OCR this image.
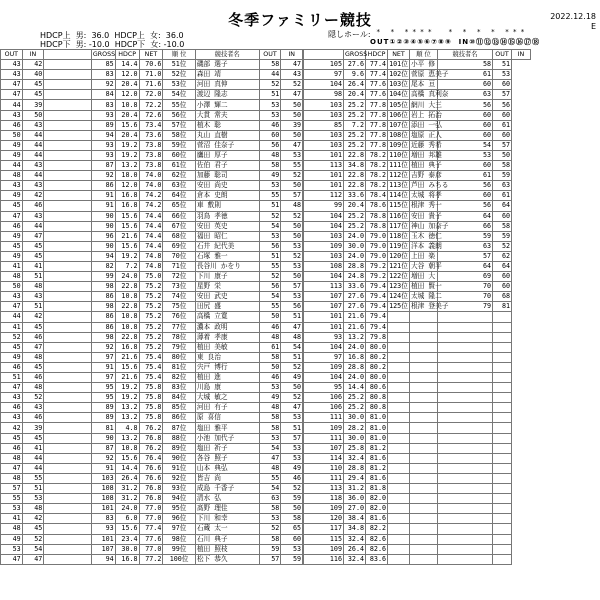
冬季ファミリー競技	2022.12.18
E
HDCP上  男:  36.0  HDCP上  女:  36.0
HDCP下  男: -10.0  HDCP下  女: -10.0
隠しホール: *   *   * * * *     *   *   *   *   * * *
OUT①②③④⑤⑥⑦⑧⑨  IN⑩⑪⑫⑬⑭⑮⑯⑰⑱
OUT	IN		GROSS	HDCP	NET	順 位	競技者名	OUT	IN
43	42		85	14.4	70.6	51位	磯部 選子	58	47
43	40		83	12.0	71.0	52位	森田 靖	44	43
47	45		92	20.4	71.6	53位	河田 真伸	52	52
47	45		84	12.0	72.0	54位	渡辺 隆志	51	47
44	39		83	10.8	72.2	55位	小澤 輝二	53	50
43	50		93	20.4	72.6	56位	大貫 常夫	53	50
46	43		89	15.6	73.4	57位	植木 聡	46	39
50	44		94	20.4	73.6	58位	丸山 直樹	60	50
49	44		93	19.2	73.8	59位	菅沼 佳奈子	56	47
49	44		93	19.2	73.8	60位	鷹田 厚子	48	53
44	43		87	13.2	73.8	61位	佐伯 君子	58	55
48	44		92	18.0	74.0	62位	加藤 聡司	49	52
43	43		86	12.0	74.0	63位	安田 尚史	53	50
49	42		91	16.8	74.2	64位	倉本 史朗	55	57
45	46		91	16.8	74.2	65位	車 敷則	51	48
47	43		90	15.6	74.4	66位	羽鳥 孝徳	52	52
46	44		90	15.6	74.4	67位	安田 英史	54	50
49	47		96	21.6	74.4	68位	福田 昭仁	53	50
45	45		90	15.6	74.4	69位	石井 紀代美	56	53
49	45		94	19.2	74.8	70位	石塚 雅一	51	52
41	41		82	7.2	74.8	71位	長谷川 かをり	55	53
48	51		99	24.0	75.0	72位	下川 康子	52	50
50	48		98	22.8	75.2	73位	星野 栄	56	57
43	43		86	10.8	75.2	74位	安田 武史	54	53
47	51		98	22.8	75.2	75位	田尻 盛	55	56
44	42		86	10.8	75.2	76位	高橋 立寛	50	51
41	45		86	10.8	75.2	77位	濃本 政明	46	47
52	46		98	22.8	75.2	78位	薄着 孝康	48	48
45	47		92	16.8	75.2	79位	植田 美敏	61	54
49	48		97	21.6	75.4	80位	東 良治	58	51
46	45		91	15.6	75.4	81位	宍戸 博行	50	52
51	46		97	21.6	75.4	82位	植田 進	46	49
47	48		95	19.2	75.8	83位	川島 康	53	50
43	52		95	19.2	75.8	84位	大城 敏之	49	52
46	43		89	13.2	75.8	85位	河田 有子	48	47
43	46		89	13.2	75.8	86位	原 喜信	58	53
42	39		81	4.8	76.2	87位	塩田 雅平	58	51
45	45		90	13.2	76.8	88位	小池 加代子	53	57
46	41		87	10.8	76.2	89位	塩田 祈子	54	53
48	44		92	15.6	76.4	90位	各谷 照子	47	53
47	44		91	14.4	76.6	91位	山本 典弘	48	49
48	55		103	26.4	76.6	92位	皆吉 尚	55	46
57	51		108	31.2	76.8	93位	成島 千香子	54	52
55	53		108	31.2	76.8	94位	清水 弘	63	59
53	48		101	24.0	77.0	95位	髙野 理佳	58	50
41	42		83	6.0	77.0	96位	下川 和幸	53	58
48	45		93	15.6	77.4	97位	石蔵 太一	52	65
49	52		101	23.4	77.6	98位	石川 典子	58	60
53	54		107	30.0	77.0	99位	植田 照枝	59	53
47	47		94	16.8	77.2	100位	松下 恭久	57	59
	GROSS	HDCP	NET	順 位	競技者名	OUT	IN
105	27.6	77.4	101位	小平 修	58	51	
97	9.6	77.4	102位	菅原 恵美子	61	53	
104	26.4	77.6	103位	尾本 亘	60	60	
98	20.4	77.6	104位	高橋 真利奈	63	57	
103	25.2	77.8	105位	網川 大三	56	56	
103	25.2	77.8	106位	岩上 拓治	60	60	
85	7.2	77.8	107位	添田 一弘	60	61	
103	25.2	77.8	108位	塩原 正人	60	60	
103	25.2	77.8	109位	近藤 秀希	54	57	
101	22.8	78.2	110位	増田 邦雄	53	50	
113	34.8	78.2	111位	植田 典子	60	58	
101	22.8	78.2	112位	吉野 泰彦	61	59	
101	22.8	78.2	113位	芦田 みちる	56	63	
112	33.6	78.4	114位	太城 将孝	60	61	
99	20.4	78.6	115位	根津 秀一	56	64	
104	25.2	78.8	116位	安田 貴子	64	60	
104	25.2	78.8	117位	神山 加奈子	66	58	
103	24.0	79.0	118位	玉木 徳仁	59	59	
109	30.0	79.0	119位	洋本 義朗	63	52	
103	24.0	79.0	120位	上田 楽	57	62	
108	28.8	79.2	121位	大谷 朝平	64	64	
104	24.8	79.2	122位	増田 大	69	60	
113	33.6	79.4	123位	植田 賢一	70	60	
107	27.6	79.4	124位	太城 隆二	70	68	
107	27.6	79.4	125位	根津 登美子	79	81	
101	21.6	79.4					
101	21.6	79.4					
93	13.2	79.8					
104	24.0	80.0					
97	16.8	80.2					
109	28.8	80.2					
104	24.0	80.0					
95	14.4	80.6					
106	25.2	80.8					
106	25.2	80.8					
111	30.0	81.0					
109	28.2	81.0					
111	30.0	81.0					
107	25.8	81.2					
114	32.4	81.6					
110	28.8	81.2					
111	29.4	81.6					
113	31.2	81.8					
118	36.0	82.0					
109	27.0	82.0					
120	38.4	81.6					
117	34.8	82.2					
115	32.4	82.6					
109	26.4	82.6					
116	32.4	83.6					
